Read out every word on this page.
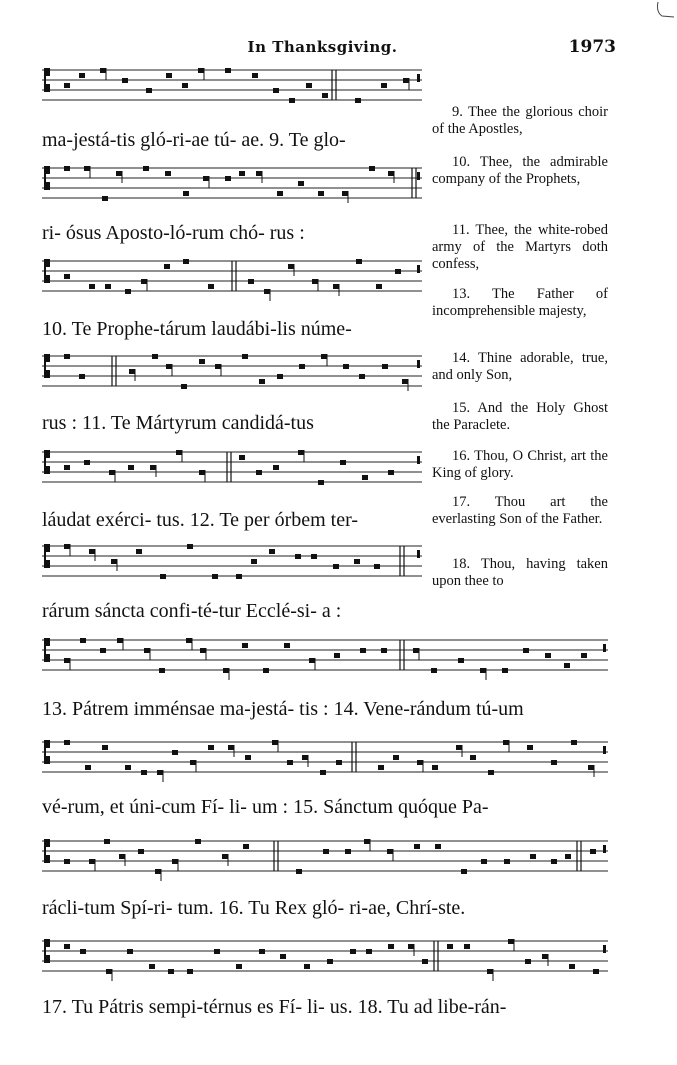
In Thanksgiving.	1973
ma-jestá-tis gló-ri-ae tú- ae. 9. Te glo-
ri- ósus Aposto-ló-rum chó- rus :
10. Te Prophe-tárum laudábi-lis núme-
rus : 11. Te Mártyrum candidá-tus
láudat exérci- tus. 12. Te per órbem ter-
rárum sáncta confi-té-tur Ecclé-si- a :
13. Pátrem imménsae ma-jestá- tis : 14. Vene-rándum tú-um
vé-rum, et úni-cum Fí- li- um : 15. Sánctum quóque Pa-
rácli-tum Spí-ri- tum. 16. Tu Rex gló- ri-ae, Chrí-ste.
17. Tu Pátris sempi-térnus es Fí- li- us. 18. Tu ad libe-rán-

9. Thee the glorious choir of the Apostles,

10. Thee, the admirable company of the Prophets,

11. Thee, the white-robed army of the Martyrs doth confess,

13. The Father of incomprehensible majesty,

14. Thine adorable, true, and only Son,

15. And the Holy Ghost the Paraclete.

16. Thou, O Christ, art the King of glory.

17. Thou art the everlasting Son of the Father.

18. Thou, having taken upon thee to
